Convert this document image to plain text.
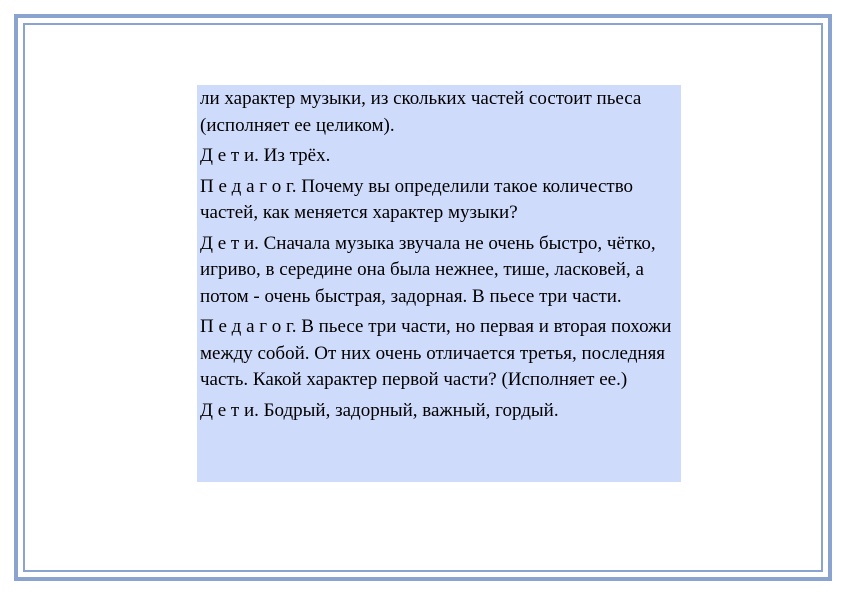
ли характер музыки, из скольких частей состоит пьеса (исполняет ее целиком).

Д е т и. Из трёх.

П е д а г о г. Почему вы определили такое количество частей, как меняется характер музыки?

Д е т и. Сначала музыка звучала не очень быстро, чётко, игриво, в середине она была нежнее, тише, ласковей, а потом - очень быстрая, задорная. В пьесе три части.

П е д а г о г. В пьесе три части, но первая и вторая похожи между собой. От них очень отличается третья, последняя часть. Какой характер первой части? (Исполняет ее.)

Д е т и. Бодрый, задорный, важный, гордый.
